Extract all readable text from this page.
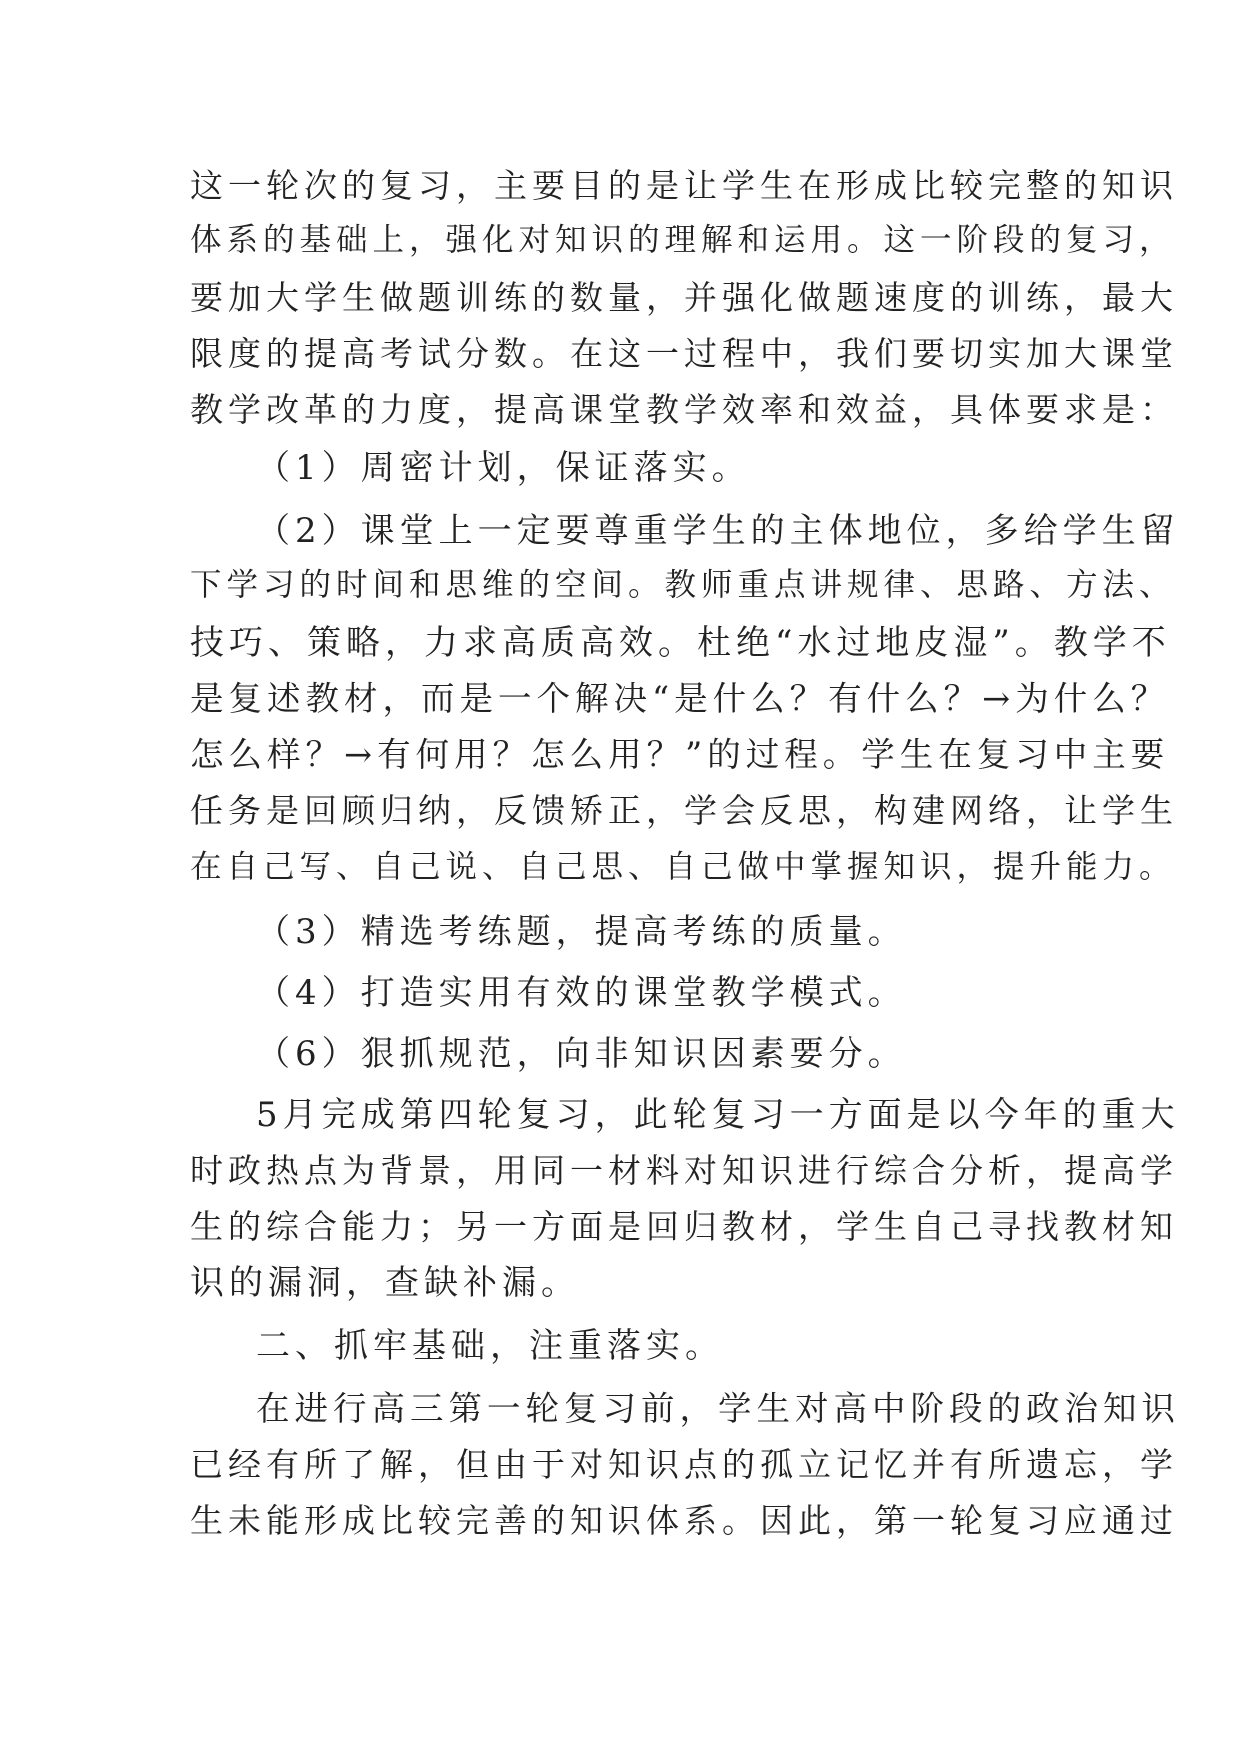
这一轮次的复习，主要目的是让学生在形成比较完整的知识

体系的基础上，强化对知识的理解和运用。这一阶段的复习，

要加大学生做题训练的数量，并强化做题速度的训练，最大

限度的提高考试分数。在这一过程中，我们要切实加大课堂

教学改革的力度，提高课堂教学效率和效益，具体要求是：

（1）周密计划，保证落实。

（2）课堂上一定要尊重学生的主体地位，多给学生留

下学习的时间和思维的空间。教师重点讲规律、思路、方法、

技巧、策略，力求高质高效。杜绝“水过地皮湿”。教学不

是复述教材，而是一个解决“是什么？有什么？→为什么？

怎么样？→有何用？怎么用？”的过程。学生在复习中主要

任务是回顾归纳，反馈矫正，学会反思，构建网络，让学生

在自己写、自己说、自己思、自己做中掌握知识，提升能力。

（3）精选考练题，提高考练的质量。

（4）打造实用有效的课堂教学模式。

（6）狠抓规范，向非知识因素要分。

5月完成第四轮复习，此轮复习一方面是以今年的重大

时政热点为背景，用同一材料对知识进行综合分析，提高学

生的综合能力；另一方面是回归教材，学生自己寻找教材知

识的漏洞，查缺补漏。

二、抓牢基础，注重落实。

在进行高三第一轮复习前，学生对高中阶段的政治知识

已经有所了解，但由于对知识点的孤立记忆并有所遗忘，学

生未能形成比较完善的知识体系。因此，第一轮复习应通过
